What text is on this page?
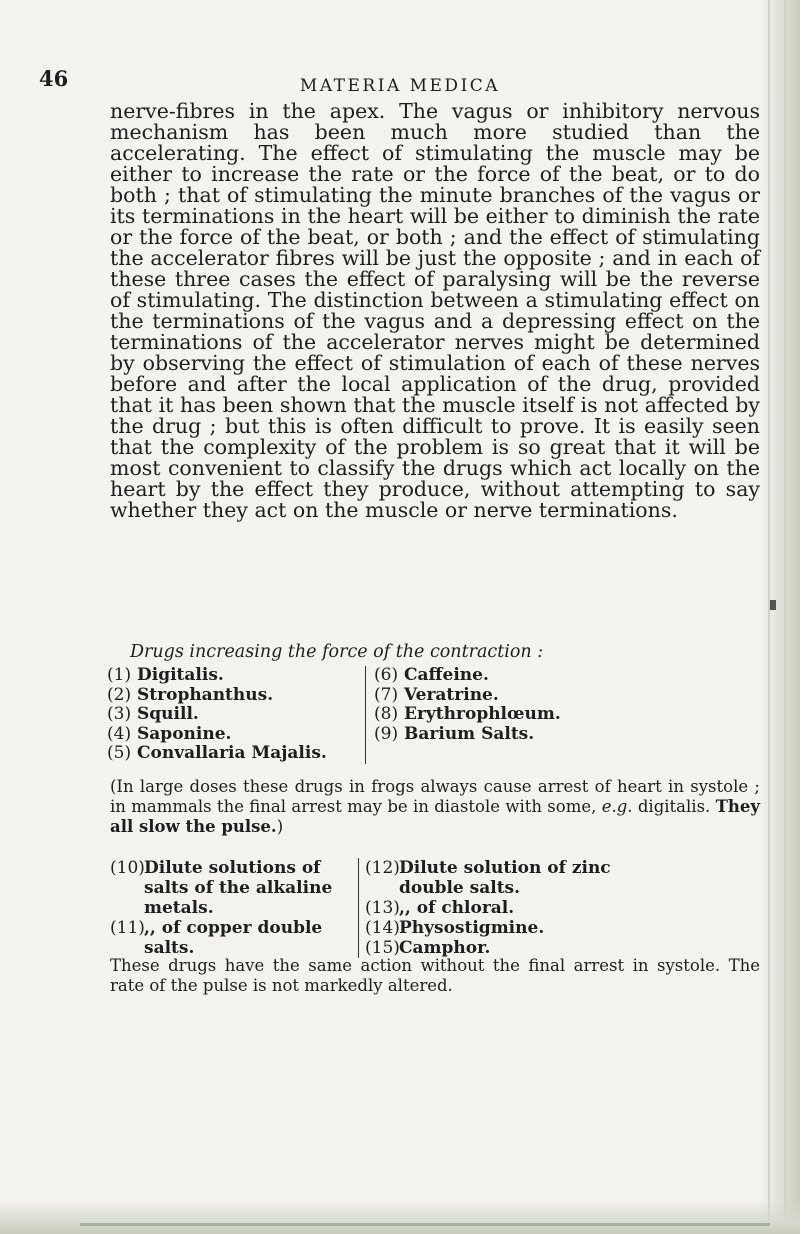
46	MATERIA MEDICA
nerve-fibres in the apex. The vagus or inhibitory nervous mechanism has been much more studied than the accelerating. The effect of stimulating the muscle may be either to increase the rate or the force of the beat, or to do both ; that of stimulating the minute branches of the vagus or its terminations in the heart will be either to diminish the rate or the force of the beat, or both ; and the effect of stimulating the accelerator fibres will be just the opposite ; and in each of these three cases the effect of paralysing will be the reverse of stimulating. The distinction between a stimulating effect on the terminations of the vagus and a depressing effect on the terminations of the accelerator nerves might be determined by observing the effect of stimulation of each of these nerves before and after the local application of the drug, provided that it has been shown that the muscle itself is not affected by the drug ; but this is often difficult to prove. It is easily seen that the complexity of the problem is so great that it will be most convenient to classify the drugs which act locally on the heart by the effect they produce, without attempting to say whether they act on the muscle or nerve terminations.
Drugs increasing the force of the contraction :
(1) Digitalis.
(2) Strophanthus.
(3) Squill.
(4) Saponine.
(5) Convallaria Majalis.
(6) Caffeine.
(7) Veratrine.
(8) Erythrophlœum.
(9) Barium Salts.
(In large doses these drugs in frogs always cause arrest of heart in systole ; in mammals the final arrest may be in diastole with some, e.g. digitalis. They all slow the pulse.)
(10) Dilute solutions of salts of the alkaline metals.
(11) ,, of copper double salts.
(12) Dilute solution of zinc double salts.
(13) ,, of chloral.
(14) Physostigmine.
(15) Camphor.
These drugs have the same action without the final arrest in systole. The rate of the pulse is not markedly altered.
